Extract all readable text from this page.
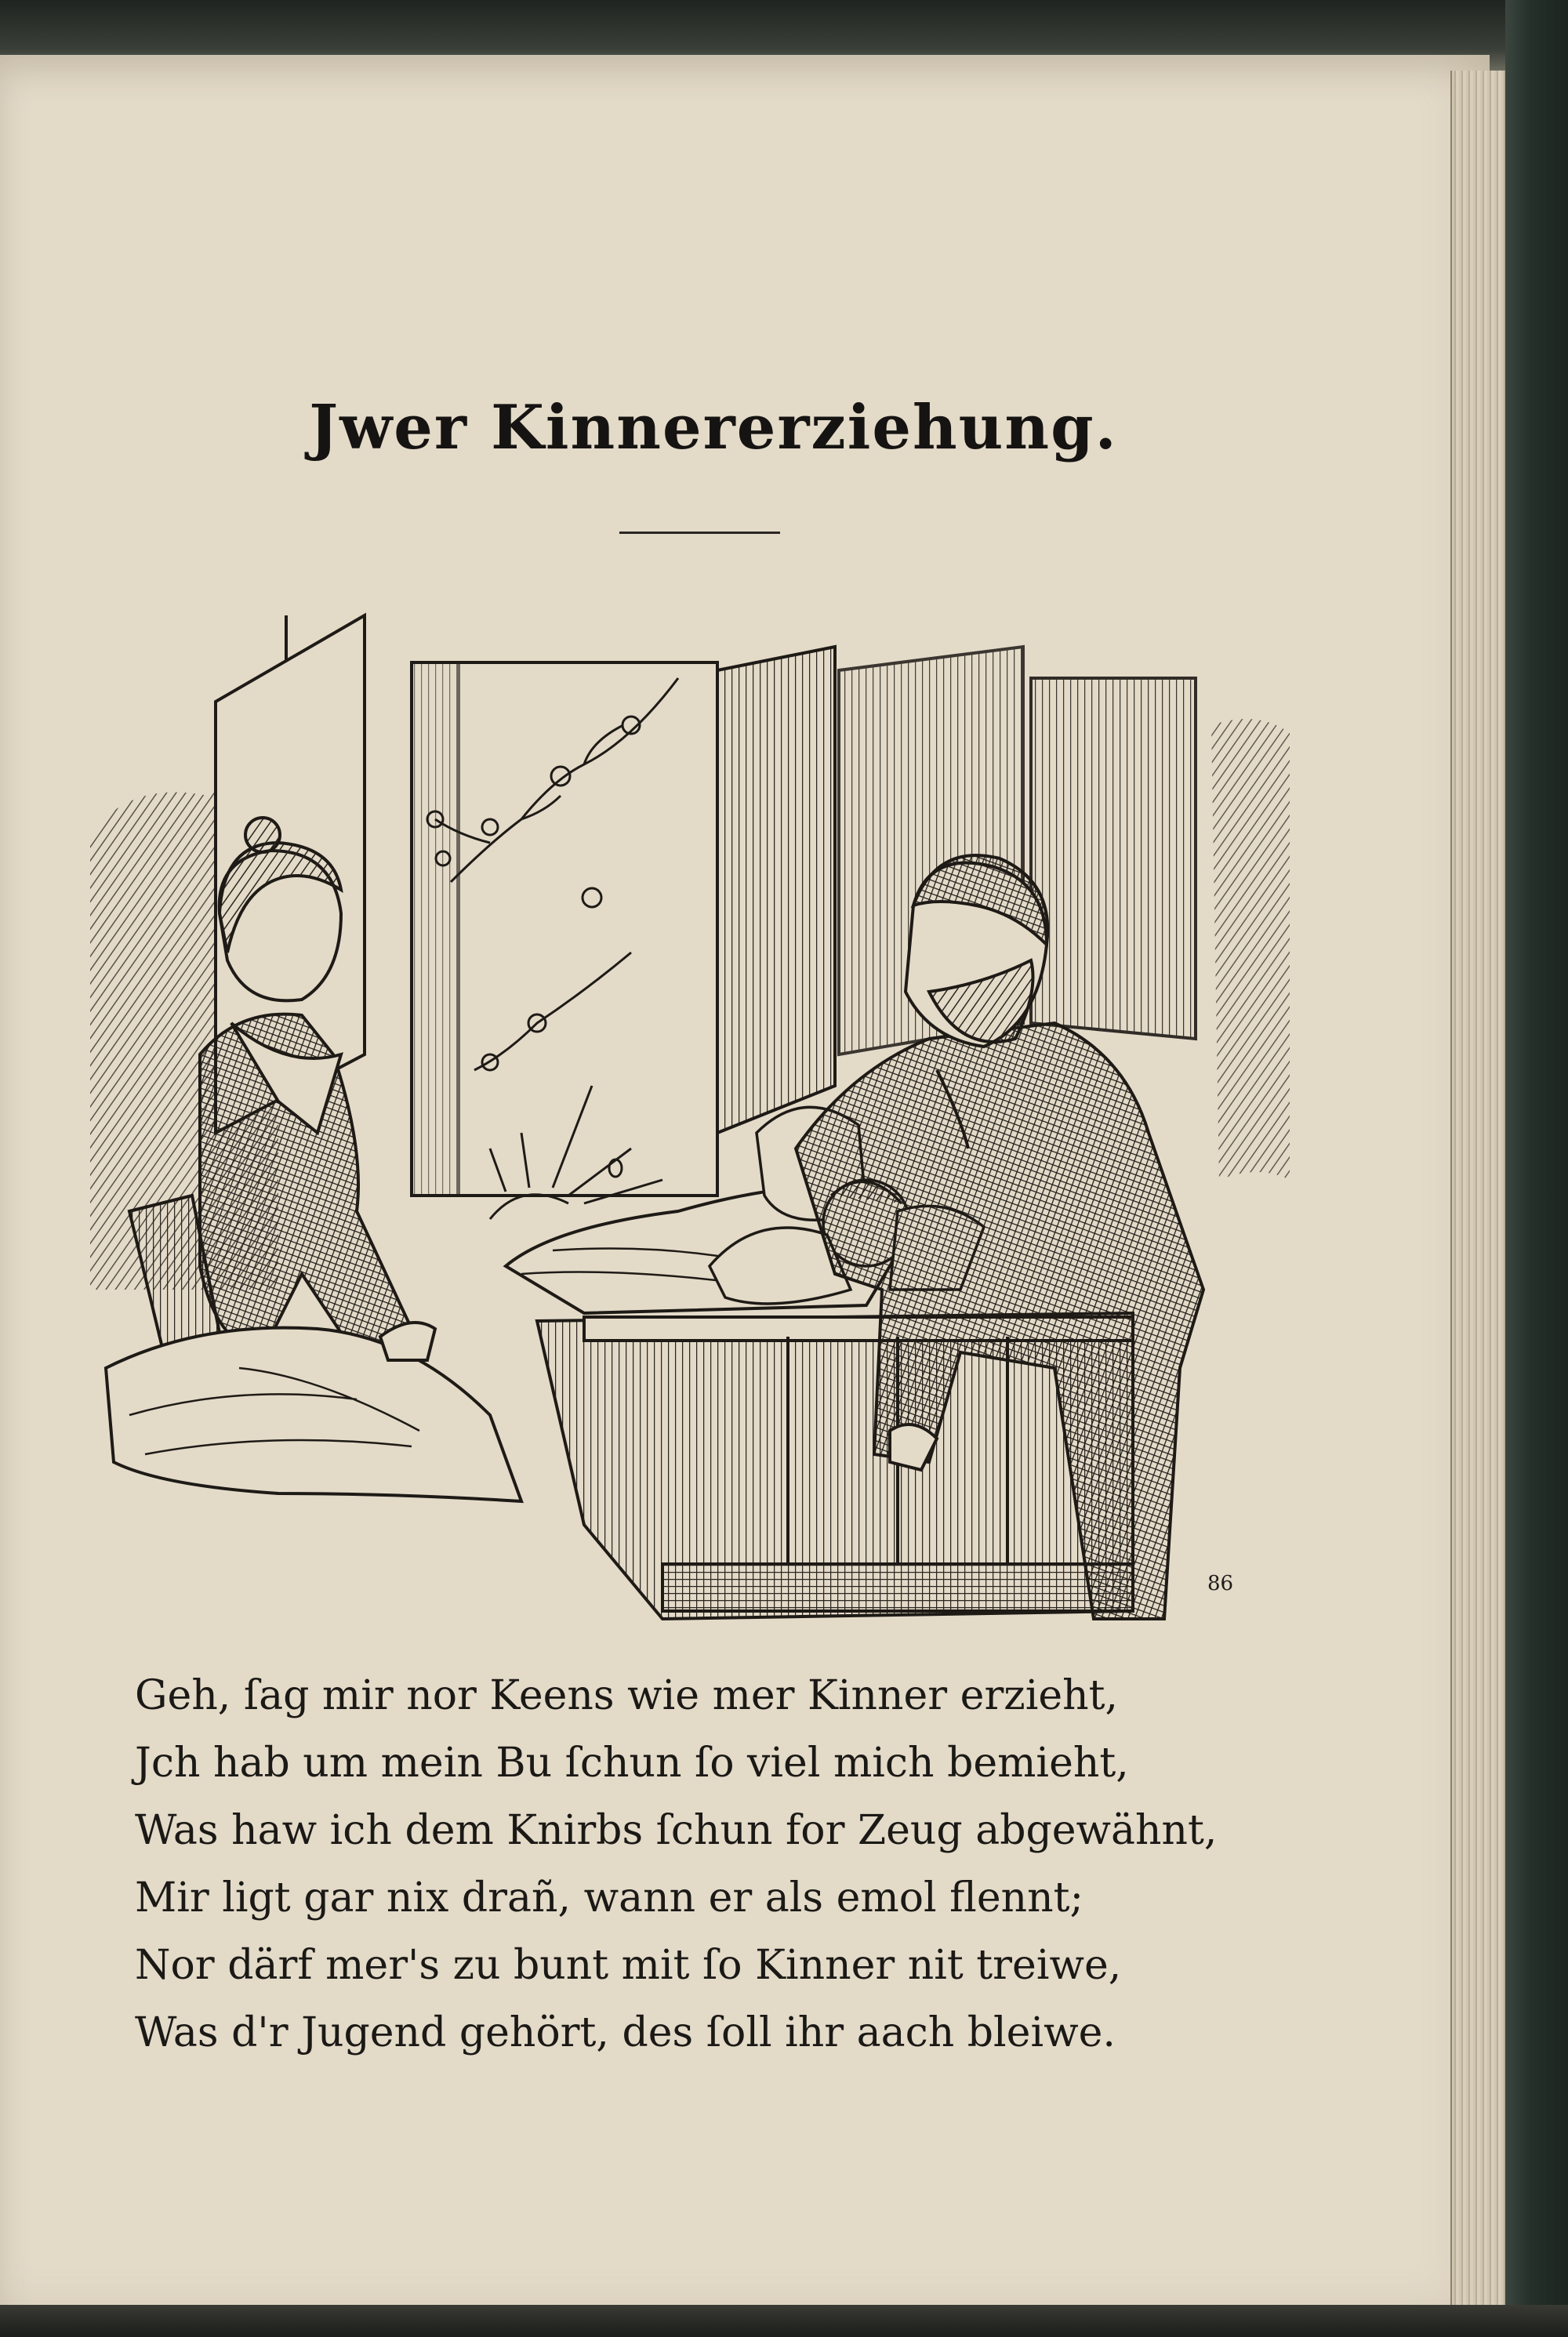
Jwer Kinnererziehung.
86
Geh, ſag mir nor Keens wie mer Kinner erzieht,
Jch hab um mein Bu ſchun ſo viel mich bemieht,
Was haw ich dem Knirbs ſchun for Zeug abgewähnt,
Mir ligt gar nix drañ, wann er als emol flennt;
Nor därf mer's zu bunt mit ſo Kinner nit treiwe,
Was d'r Jugend gehört, des ſoll ihr aach bleiwe.
